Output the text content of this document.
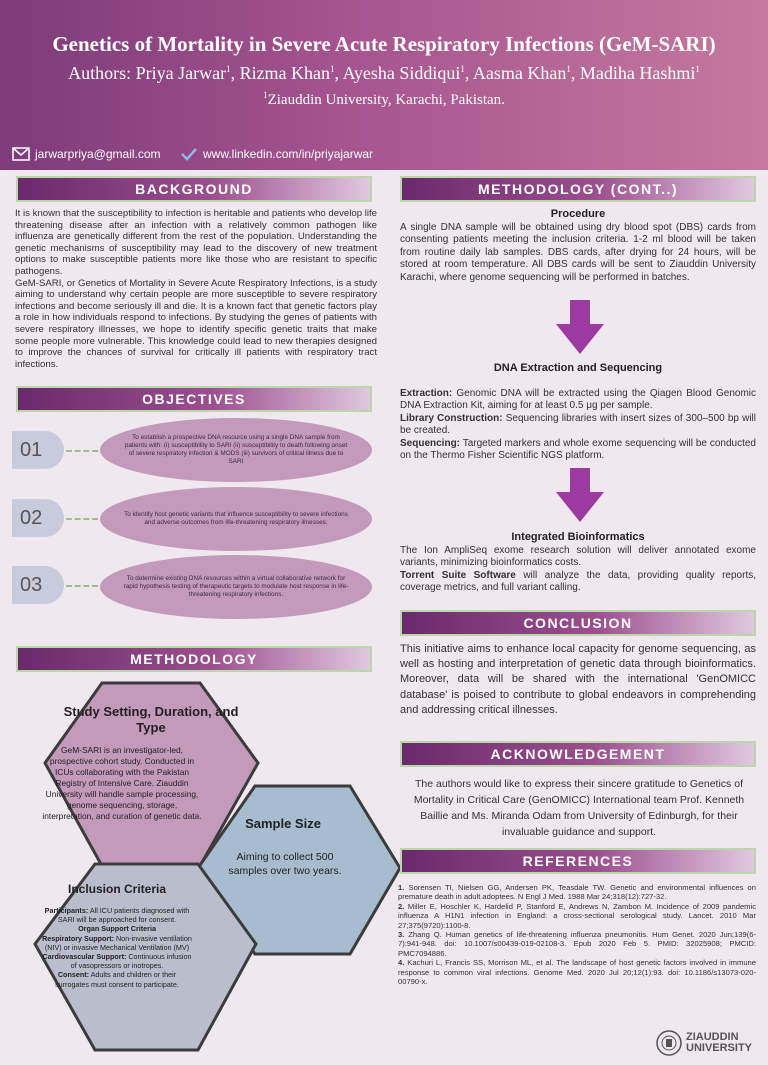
Genetics of Mortality in Severe Acute Respiratory Infections (GeM-SARI)
Authors: Priya Jarwar$^1$, Rizma Khan$^1$, Ayesha Siddiqui$^1$, Aasma Khan$^1$, Madiha Hashmi$^1$
$^1$Ziauddin University, Karachi, Pakistan.
jarwarpriya@gmail.com	www.linkedin.com/in/priyajarwar
BACKGROUND

It is known that the susceptibility to infection is heritable and patients who develop life threatening disease after an infection with a relatively common pathogen like influenza are genetically different from the rest of the population. Understanding the genetic mechanisms of susceptibility may lead to the discovery of new treatment options to make susceptible patients more like those who are resistant to specific pathogens.

GeM-SARI, or Genetics of Mortality in Severe Acute Respiratory Infections, is a study aiming to understand why certain people are more susceptible to severe respiratory infections and become seriously ill and die. It is a known fact that genetic factors play a role in how individuals respond to infections. By studying the genes of patients with severe respiratory illnesses, we hope to identify specific genetic traits that make some people more vulnerable. This knowledge could lead to new therapies designed to improve the chances of survival for critically ill patients with respiratory tract infections.

OBJECTIVES
01
To establish a prospective DNA resource using a single DNA sample from patients with: (i) susceptibility to SARI (ii) susceptibility to death following onset of severe respiratory infection & MODS (iii) survivors of critical illness due to SARI
02	To identify host genetic variants that influence susceptibility to severe infections and adverse outcomes from life-threatening respiratory illnesses.
03	To determine existing DNA resources within a virtual collaborative network for rapid hypothesis testing of therapeutic targets to modulate host response in life-threatening respiratory infections.
METHODOLOGY
Study Setting, Duration, and Type
GeM-SARI is an investigator-led, prospective cohort study. Conducted in ICUs collaborating with the Pakistan Registry of Intensive Care. Ziauddin University will handle sample processing, genome sequencing, storage, interpretation, and curation of genetic data.	Sample Size
Aiming to collect 500 samples over two years.
Inclusion Criteria
Participants: All ICU patients diagnosed with SARI will be approached for consent.
Organ Support Criteria
Respiratory Support: Non-invasive ventilation (NIV) or invasive Mechanical Ventilation (MV)
Cardiovascular Support: Continuous infusion of vasopressors or inotropes.
Consent: Adults and children or their surrogates must consent to participate.
METHODOLOGY (CONT..)
Procedure
A single DNA sample will be obtained using dry blood spot (DBS) cards from consenting patients meeting the inclusion criteria. 1-2 ml blood will be taken from routine daily lab samples. DBS cards, after drying for 24 hours, will be stored at room temperature. All DBS cards will be sent to Ziauddin University Karachi, where genome sequencing will be performed in batches.
DNA Extraction and Sequencing

Extraction: Genomic DNA will be extracted using the Qiagen Blood Genomic DNA Extraction Kit, aiming for at least 0.5 μg per sample.

Library Construction: Sequencing libraries with insert sizes of 300–500 bp will be created.

Sequencing: Targeted markers and whole exome sequencing will be conducted on the Thermo Fisher Scientific NGS platform.

Integrated Bioinformatics

The Ion AmpliSeq exome research solution will deliver annotated exome variants, minimizing bioinformatics costs.

Torrent Suite Software will analyze the data, providing quality reports, coverage metrics, and full variant calling.

CONCLUSION
This initiative aims to enhance local capacity for genome sequencing, as well as hosting and interpretation of genetic data through bioinformatics. Moreover, data will be shared with the international 'GenOMICC database' is poised to contribute to global endeavors in comprehending and addressing critical illnesses.
ACKNOWLEDGEMENT
The authors would like to express their sincere gratitude to Genetics of Mortality in Critical Care (GenOMICC) International team Prof. Kenneth Baillie and Ms. Miranda Odam from University of Edinburgh, for their invaluable guidance and support.
REFERENCES
1. Sorensen TI, Nielsen GG, Andersen PK, Teasdale TW. Genetic and environmental influences on premature death in adult adoptees. N Engl J Med. 1988 Mar 24;318(12):727-32.
2. Miller E, Hoschler K, Hardelid P, Stanford E, Andrews N, Zambon M. Incidence of 2009 pandemic influenza A H1N1 infection in England: a cross-sectional serological study. Lancet. 2010 Mar 27;375(9720):1100-8.
3. Zhang Q. Human genetics of life-threatening influenza pneumonitis. Hum Genet. 2020 Jun;139(6-7):941-948. doi: 10.1007/s00439-019-02108-3. Epub 2020 Feb 5. PMID: 32025908; PMCID: PMC7094886.
4. Kachuri L, Francis SS, Morrison ML, et al. The landscape of host genetic factors involved in immune response to common viral infections. Genome Med. 2020 Jul 20;12(1):93. doi: 10.1186/s13073-020-00790-x.
ZIAUDDIN
UNIVERSITY
